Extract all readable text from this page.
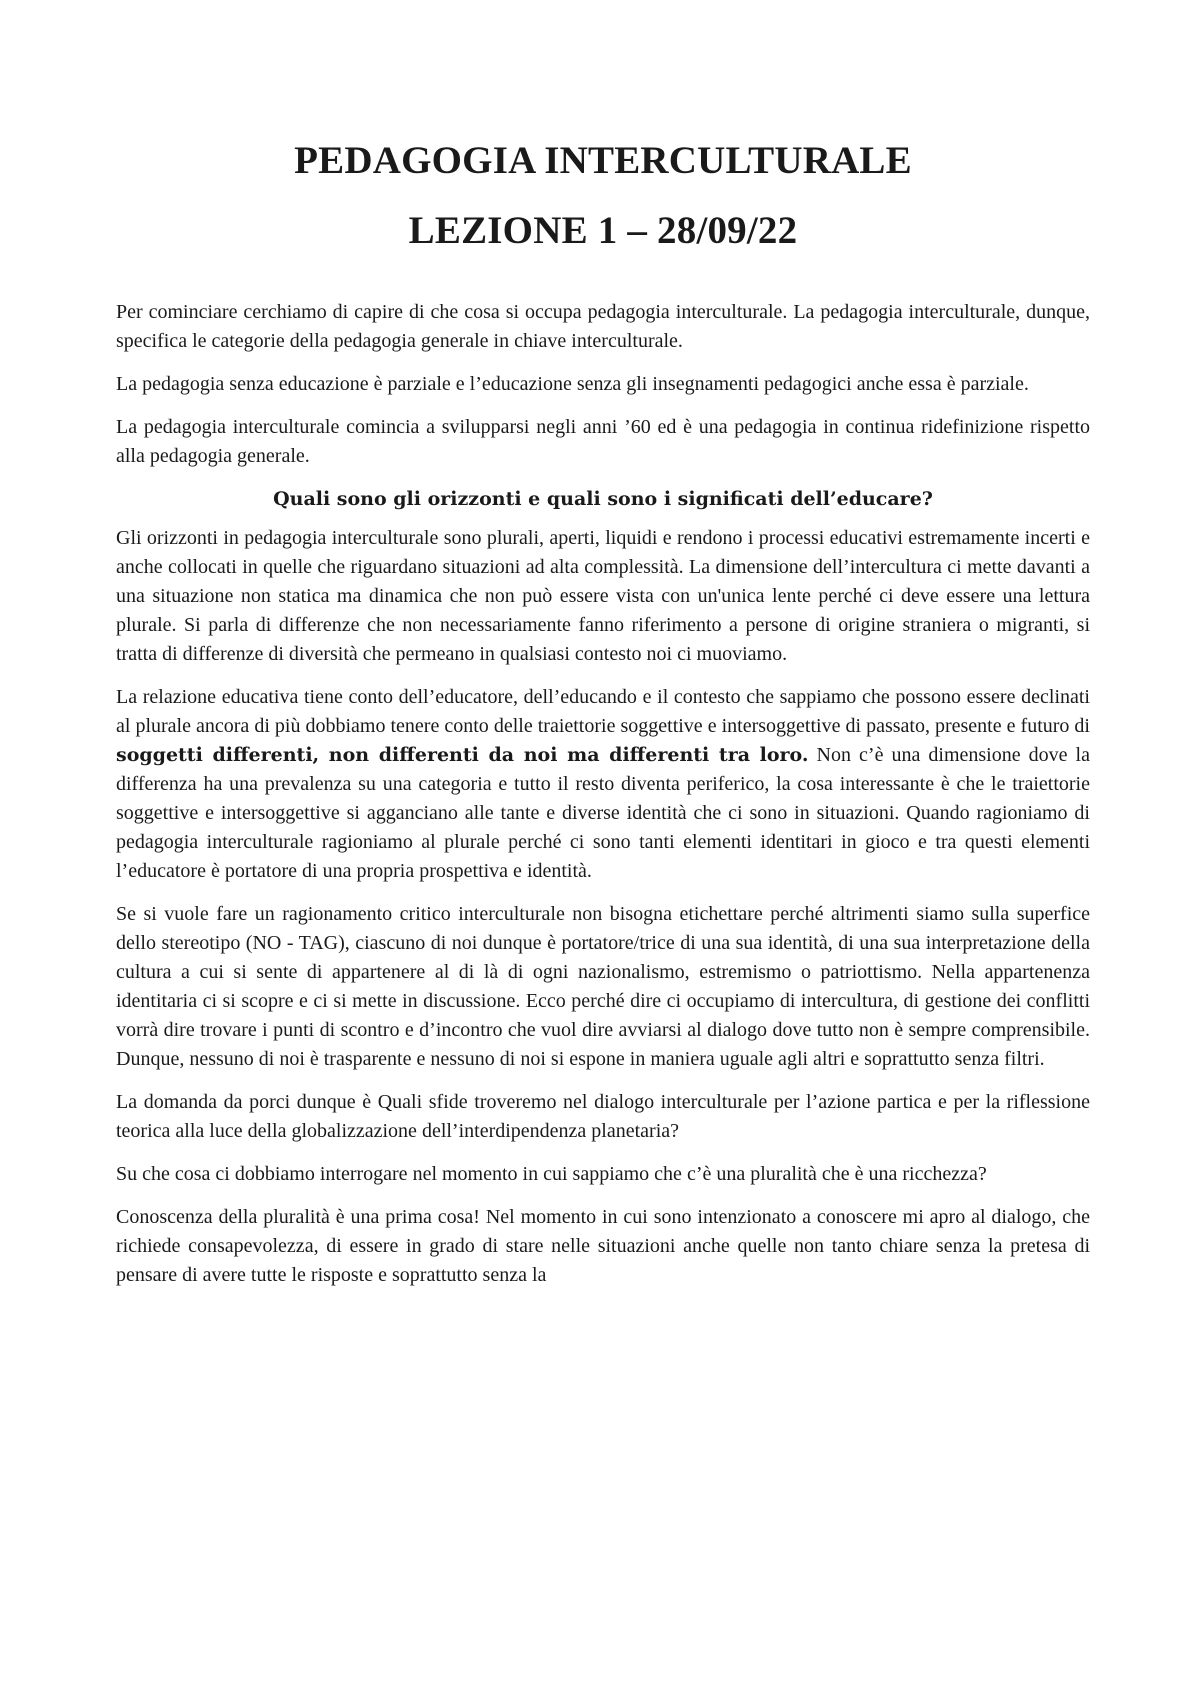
PEDAGOGIA INTERCULTURALE
LEZIONE 1 – 28/09/22

Per cominciare cerchiamo di capire di che cosa si occupa pedagogia interculturale. La pedagogia interculturale, dunque, specifica le categorie della pedagogia generale in chiave interculturale.

La pedagogia senza educazione è parziale e l’educazione senza gli insegnamenti pedagogici anche essa è parziale.

La pedagogia interculturale comincia a svilupparsi negli anni ’60 ed è una pedagogia in continua ridefinizione rispetto alla pedagogia generale.

Quali sono gli orizzonti e quali sono i significati dell’educare?

Gli orizzonti in pedagogia interculturale sono plurali, aperti, liquidi e rendono i processi educativi estremamente incerti e anche collocati in quelle che riguardano situazioni ad alta complessità. La dimensione dell’intercultura ci mette davanti a una situazione non statica ma dinamica che non può essere vista con un'unica lente perché ci deve essere una lettura plurale. Si parla di differenze che non necessariamente fanno riferimento a persone di origine straniera o migranti, si tratta di differenze di diversità che permeano in qualsiasi contesto noi ci muoviamo.

La relazione educativa tiene conto dell’educatore, dell’educando e il contesto che sappiamo che possono essere declinati al plurale ancora di più dobbiamo tenere conto delle traiettorie soggettive e intersoggettive di passato, presente e futuro di soggetti differenti, non differenti da noi ma differenti tra loro. Non c’è una dimensione dove la differenza ha una prevalenza su una categoria e tutto il resto diventa periferico, la cosa interessante è che le traiettorie soggettive e intersoggettive si agganciano alle tante e diverse identità che ci sono in situazioni. Quando ragioniamo di pedagogia interculturale ragioniamo al plurale perché ci sono tanti elementi identitari in gioco e tra questi elementi l’educatore è portatore di una propria prospettiva e identità.

Se si vuole fare un ragionamento critico interculturale non bisogna etichettare perché altrimenti siamo sulla superfice dello stereotipo (NO - TAG), ciascuno di noi dunque è portatore/trice di una sua identità, di una sua interpretazione della cultura a cui si sente di appartenere al di là di ogni nazionalismo, estremismo o patriottismo. Nella appartenenza identitaria ci si scopre e ci si mette in discussione. Ecco perché dire ci occupiamo di intercultura, di gestione dei conflitti vorrà dire trovare i punti di scontro e d’incontro che vuol dire avviarsi al dialogo dove tutto non è sempre comprensibile. Dunque, nessuno di noi è trasparente e nessuno di noi si espone in maniera uguale agli altri e soprattutto senza filtri.

La domanda da porci dunque è Quali sfide troveremo nel dialogo interculturale per l’azione partica e per la riflessione teorica alla luce della globalizzazione dell’interdipendenza planetaria?

Su che cosa ci dobbiamo interrogare nel momento in cui sappiamo che c’è una pluralità che è una ricchezza?

Conoscenza della pluralità è una prima cosa! Nel momento in cui sono intenzionato a conoscere mi apro al dialogo, che richiede consapevolezza, di essere in grado di stare nelle situazioni anche quelle non tanto chiare senza la pretesa di pensare di avere tutte le risposte e soprattutto senza la
